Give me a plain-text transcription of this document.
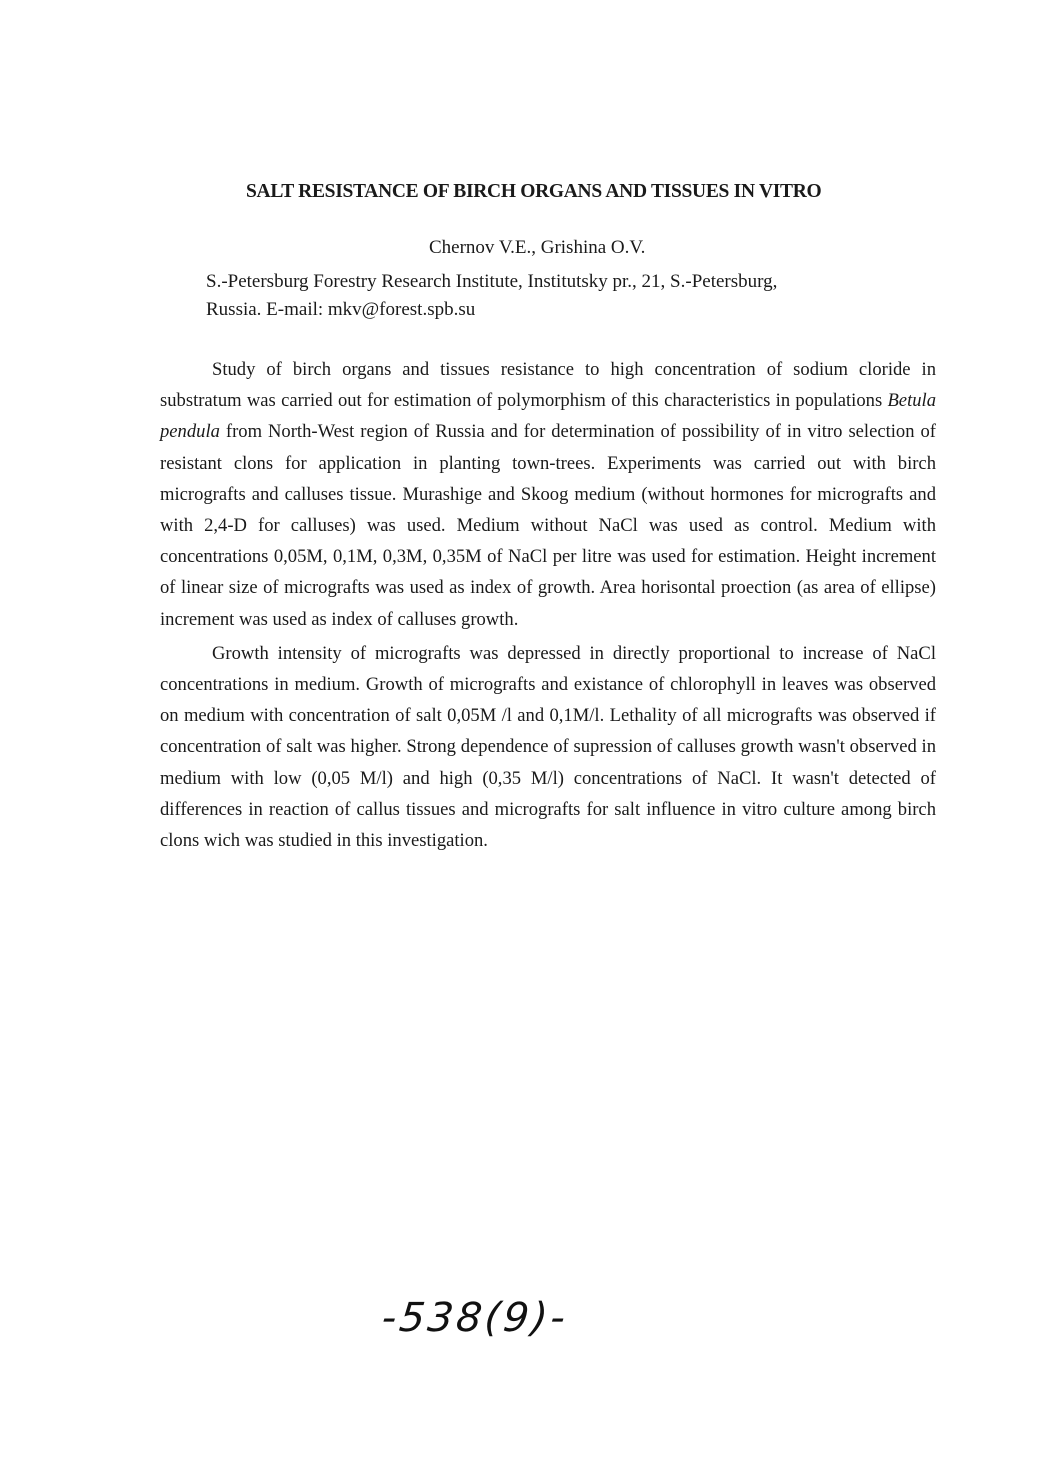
SALT RESISTANCE OF BIRCH ORGANS AND TISSUES IN VITRO
Chernov V.E., Grishina O.V.
S.-Petersburg Forestry Research Institute, Institutsky pr., 21, S.-Petersburg,
Russia. E-mail: mkv@forest.spb.su

Study of birch organs and tissues resistance to high concentration of sodium cloride in substratum was carried out for estimation of polymorphism of this characteristics in populations Betula pendula from North-West region of Russia and for determination of possibility of in vitro selection of resistant clons for application in planting town-trees. Experiments was carried out with birch micrografts and calluses tissue. Murashige and Skoog medium (without hormones for micrografts and with 2,4-D for calluses) was used. Medium without NaCl was used as control. Medium with concentrations 0,05M, 0,1M, 0,3M, 0,35M of NaCl per litre was used for estimation. Height increment of linear size of micrografts was used as index of growth. Area horisontal proection (as area of ellipse) increment was used as index of calluses growth.

Growth intensity of micrografts was depressed in directly proportional to increase of NaCl concentrations in medium. Growth of micrografts and existance of chlorophyll in leaves was observed on medium with concentration of salt 0,05M /l and 0,1M/l. Lethality of all micrografts was observed if concentration of salt was higher. Strong dependence of supression of calluses growth wasn't observed in medium with low (0,05 M/l) and high (0,35 M/l) concentrations of NaCl. It wasn't detected of differences in reaction of callus tissues and micrografts for salt influence in vitro culture among birch clons wich was studied in this investigation.

-538(9)-
